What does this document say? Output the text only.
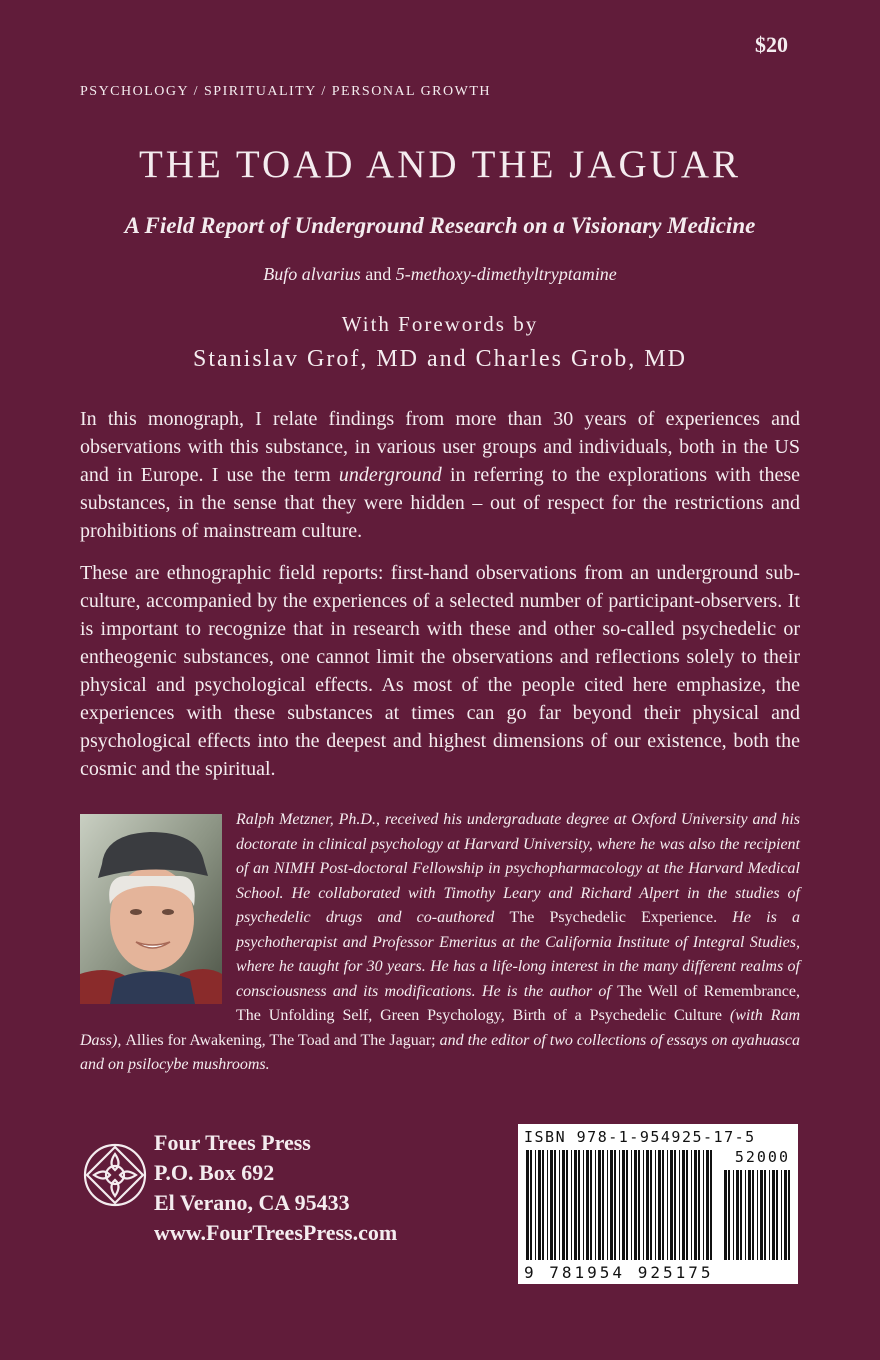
$20
PSYCHOLOGY / SPIRITUALITY / PERSONAL GROWTH
THE TOAD AND THE JAGUAR
A Field Report of Underground Research on a Visionary Medicine
Bufo alvarius and 5-methoxy-dimethyltryptamine
With Forewords by
Stanislav Grof, MD and Charles Grob, MD
In this monograph, I relate findings from more than 30 years of experiences and observations with this substance, in various user groups and individuals, both in the US and in Europe. I use the term underground in referring to the explorations with these substances, in the sense that they were hidden – out of respect for the restrictions and prohibitions of mainstream culture.
These are ethnographic field reports: first-hand observations from an underground sub-culture, accompanied by the experiences of a selected number of participant-observers. It is important to recognize that in research with these and other so-called psychedelic or entheogenic substances, one cannot limit the observations and reflections solely to their physical and psychological effects. As most of the people cited here emphasize, the experiences with these substances at times can go far beyond their physical and psychological effects into the deepest and highest dimensions of our existence, both the cosmic and the spiritual.
Ralph Metzner, Ph.D., received his undergraduate degree at Oxford University and his doctorate in clinical psychology at Harvard University, where he was also the recipient of an NIMH Post-doctoral Fellowship in psychopharmacology at the Harvard Medical School. He collaborated with Timothy Leary and Richard Alpert in the studies of psychedelic drugs and co-authored The Psychedelic Experience. He is a psychotherapist and Professor Emeritus at the California Institute of Integral Studies, where he taught for 30 years. He has a life-long interest in the many different realms of consciousness and its modifications. He is the author of The Well of Remembrance, The Unfolding Self, Green Psychology, Birth of a Psychedelic Culture (with Ram Dass), Allies for Awakening, The Toad and The Jaguar; and the editor of two collections of essays on ayahuasca and on psilocybe mushrooms.
Four Trees Press
P.O. Box 692
El Verano, CA 95433
www.FourTreesPress.com
ISBN 978-1-954925-17-5
52000
9 781954 925175
